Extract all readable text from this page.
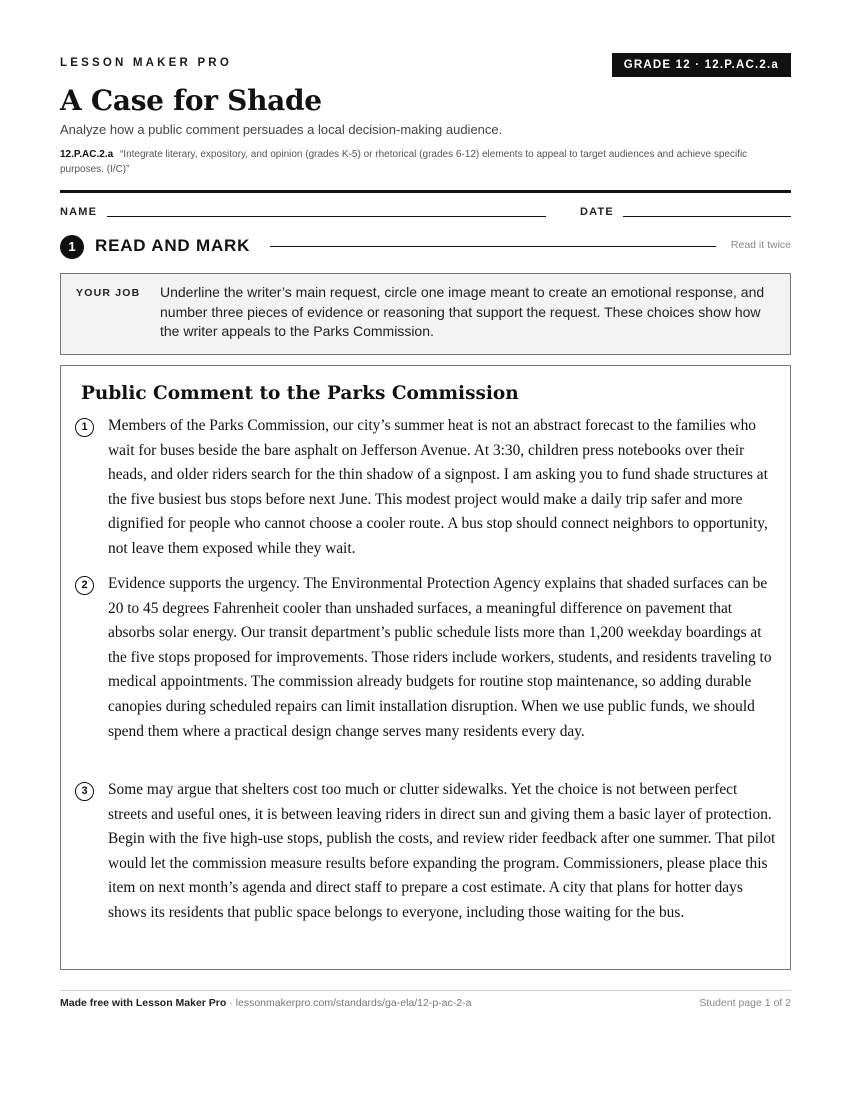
LESSON MAKER PRO	GRADE 12 · 12.P.AC.2.a
A Case for Shade
Analyze how a public comment persuades a local decision-making audience.
12.P.AC.2.a “Integrate literary, expository, and opinion (grades K-5) or rhetorical (grades 6-12) elements to appeal to target audiences and achieve specific purposes. (I/C)”
NAME	DATE
1	READ AND MARK	Read it twice
YOUR JOB Underline the writer’s main request, circle one image meant to create an emotional response, and number three pieces of evidence or reasoning that support the request. These choices show how the writer appeals to the Parks Commission.
Public Comment to the Parks Commission
1	Members of the Parks Commission, our city’s summer heat is not an abstract forecast to the families who wait for buses beside the bare asphalt on Jefferson Avenue. At 3:30, children press notebooks over their heads, and older riders search for the thin shadow of a signpost. I am asking you to fund shade structures at the five busiest bus stops before next June. This modest project would make a daily trip safer and more dignified for people who cannot choose a cooler route. A bus stop should connect neighbors to opportunity, not leave them exposed while they wait.

2	Evidence supports the urgency. The Environmental Protection Agency explains that shaded surfaces can be 20 to 45 degrees Fahrenheit cooler than unshaded surfaces, a meaningful difference on pavement that absorbs solar energy. Our transit department’s public schedule lists more than 1,200 weekday boardings at the five stops proposed for improvements. Those riders include workers, students, and residents traveling to medical appointments. The commission already budgets for routine stop maintenance, so adding durable canopies during scheduled repairs can limit installation disruption. When we use public funds, we should spend them where a practical design change serves many residents every day.

3	Some may argue that shelters cost too much or clutter sidewalks. Yet the choice is not between perfect streets and useful ones, it is between leaving riders in direct sun and giving them a basic layer of protection. Begin with the five high-use stops, publish the costs, and review rider feedback after one summer. That pilot would let the commission measure results before expanding the program. Commissioners, please place this item on next month’s agenda and direct staff to prepare a cost estimate. A city that plans for hotter days shows its residents that public space belongs to everyone, including those waiting for the bus.

Made free with Lesson Maker Pro · lessonmakerpro.com/standards/ga-ela/12-p-ac-2-a	Student page 1 of 2
